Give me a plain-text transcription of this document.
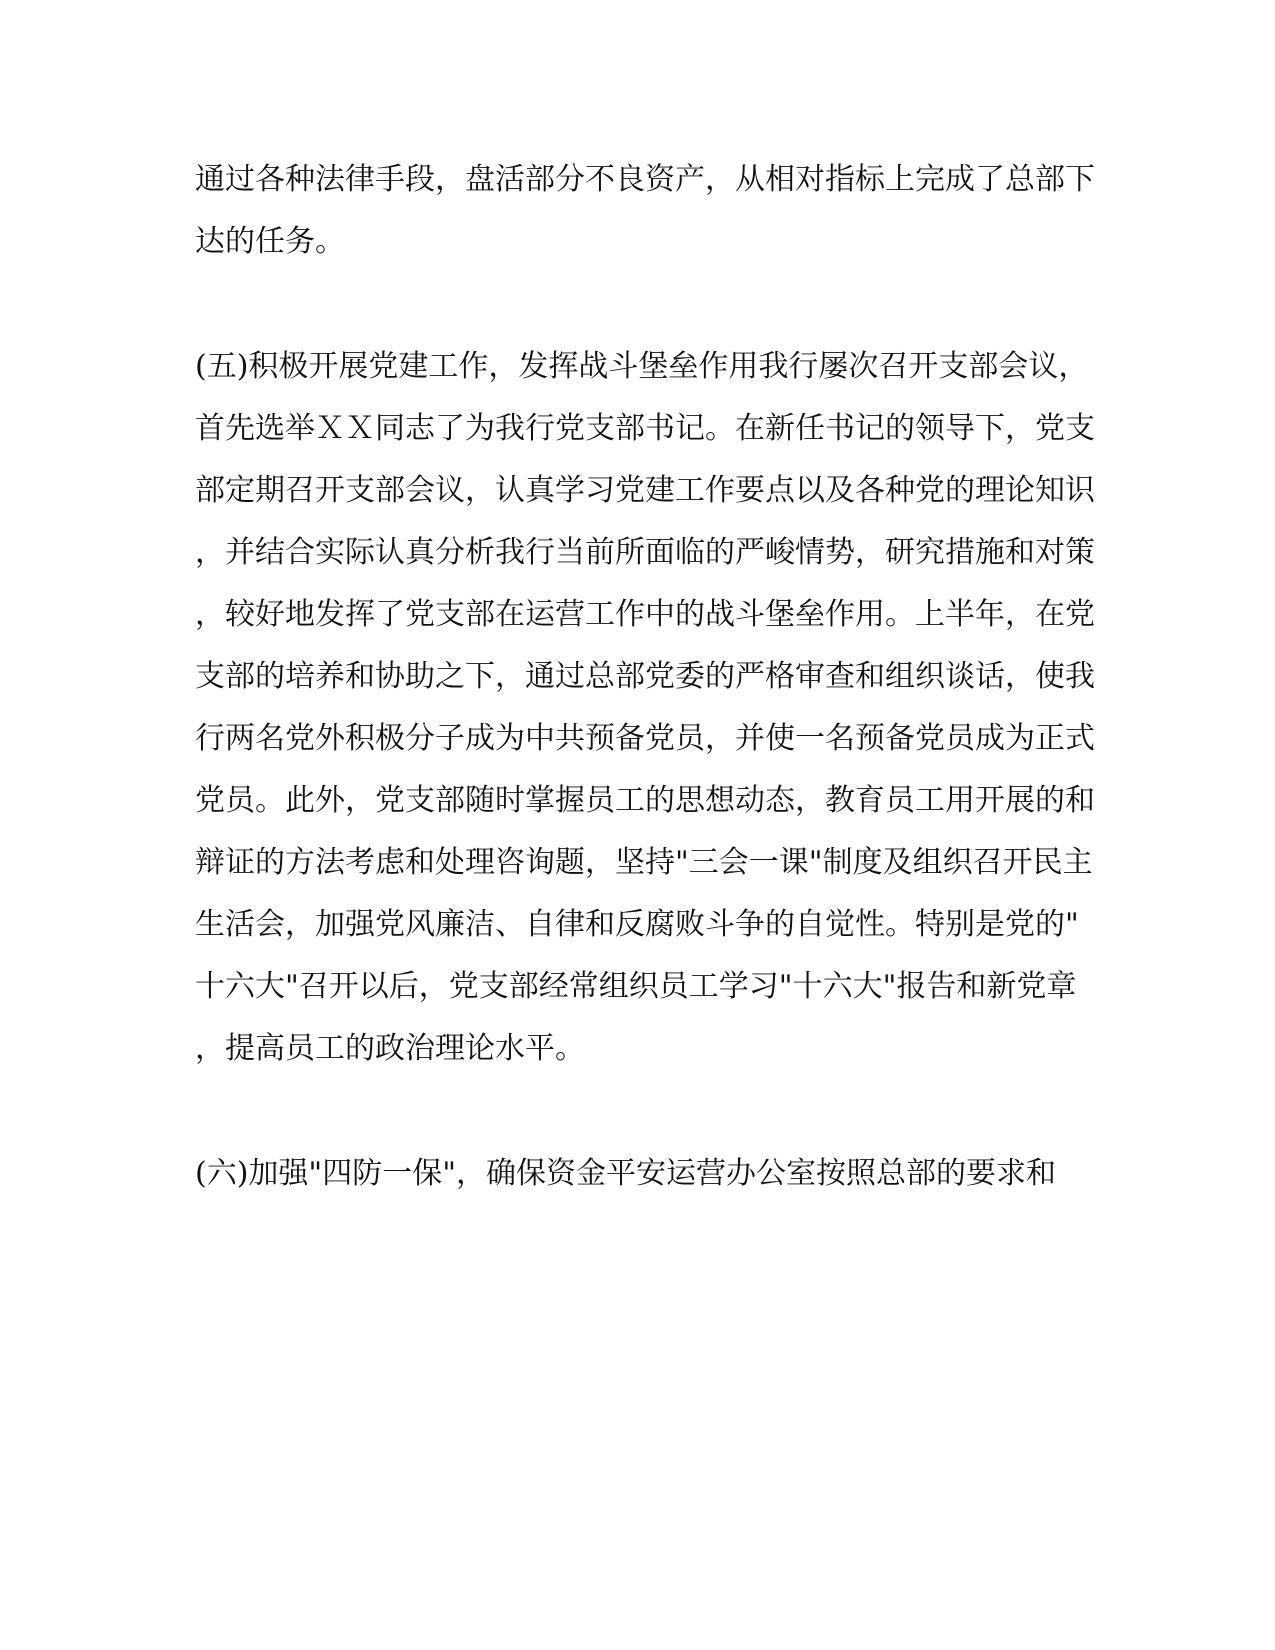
通过各种法律手段，盘活部分不良资产，从相对指标上完成了总部下

达的任务。

(五)积极开展党建工作，发挥战斗堡垒作用我行屡次召开支部会议，

首先选举ＸＸ同志了为我行党支部书记。在新任书记的领导下，党支

部定期召开支部会议，认真学习党建工作要点以及各种党的理论知识

，并结合实际认真分析我行当前所面临的严峻情势，研究措施和对策

，较好地发挥了党支部在运营工作中的战斗堡垒作用。上半年，在党

支部的培养和协助之下，通过总部党委的严格审查和组织谈话，使我

行两名党外积极分子成为中共预备党员，并使一名预备党员成为正式

党员。此外，党支部随时掌握员工的思想动态，教育员工用开展的和

辩证的方法考虑和处理咨询题，坚持"三会一课"制度及组织召开民主

生活会，加强党风廉洁、自律和反腐败斗争的自觉性。特别是党的"

十六大"召开以后，党支部经常组织员工学习"十六大"报告和新党章

，提高员工的政治理论水平。

(六)加强"四防一保"，确保资金平安运营办公室按照总部的要求和
